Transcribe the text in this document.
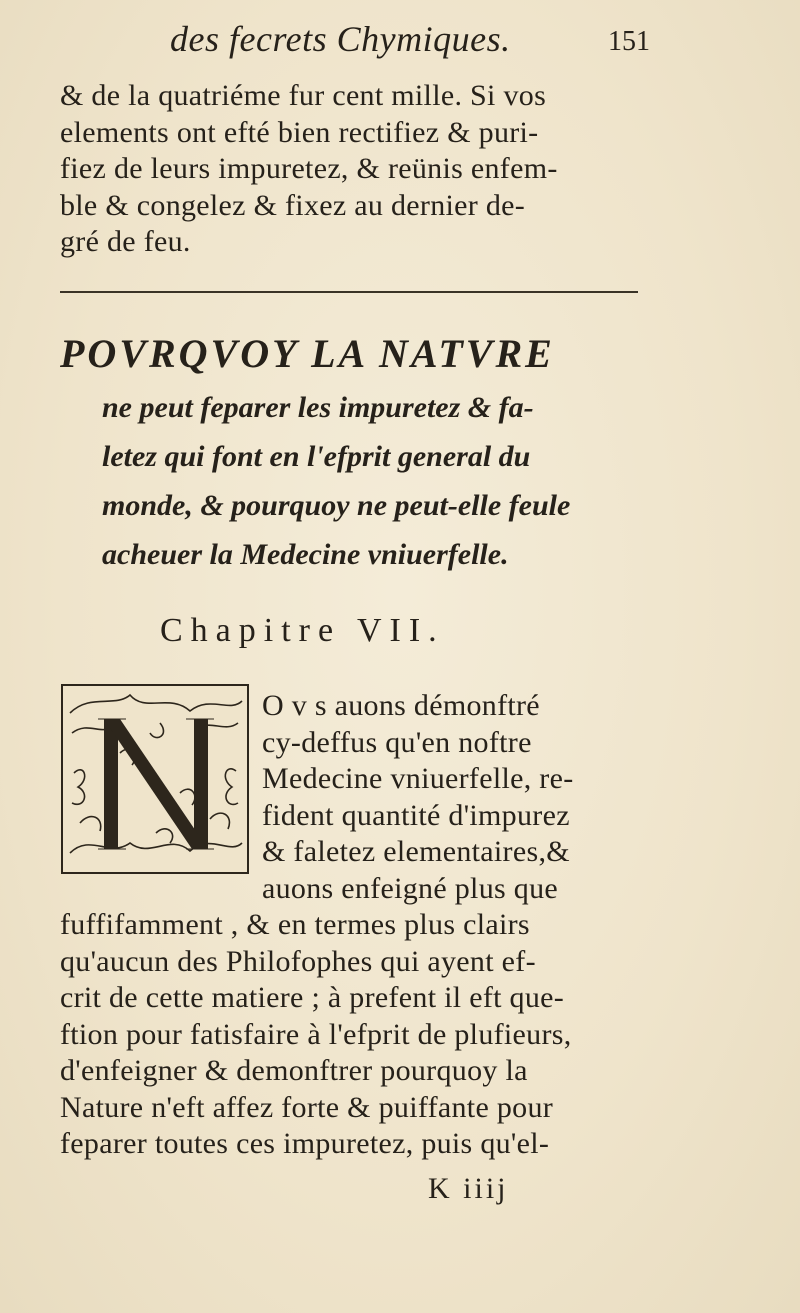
des fecrets Chymiques.	151

& de la quatriéme fur cent mille. Si vos
elements ont efté bien rectifiez & puri-
fiez de leurs impuretez, & reünis enfem-
ble & congelez & fixez au dernier de-
gré de feu.

POVRQVOY LA NATVRE
ne peut feparer les impuretez & fa-
letez qui font en l'efprit general du
monde, & pourquoy ne peut-elle feule
acheuer la Medecine vniuerfelle.
Chapitre VII.

O v s auons démonftré
cy-deffus qu'en noftre
Medecine vniuerfelle, re-
fident quantité d'impurez
& faletez elementaires,&
auons enfeigné plus que

fuffifamment , & en termes plus clairs
qu'aucun des Philofophes qui ayent ef-
crit de cette matiere ; à prefent il eft que-
ftion pour fatisfaire à l'efprit de plufieurs,
d'enfeigner & demonftrer pourquoy la
Nature n'eft affez forte & puiffante pour
feparer toutes ces impuretez, puis qu'el-

K iiij
